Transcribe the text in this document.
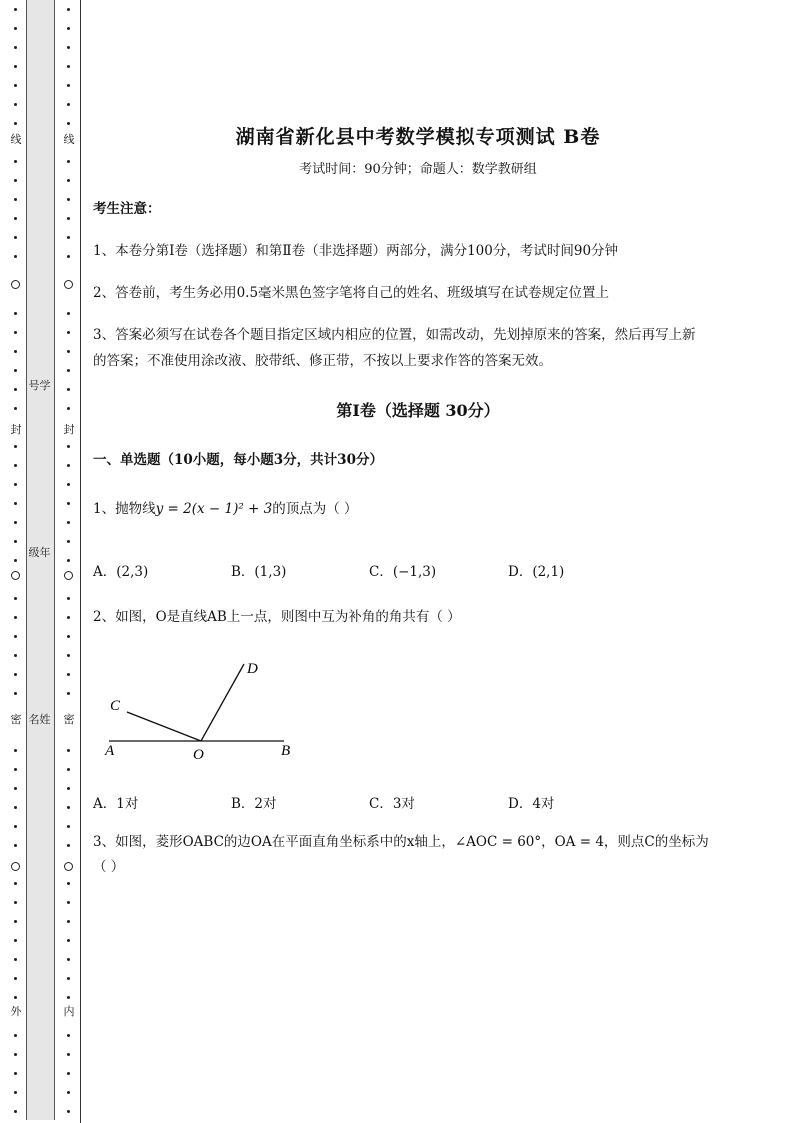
线
封
密
外
线
封
密
内
号学
级年
名姓
湖南省新化县中考数学模拟专项测试 B卷
考试时间：90分钟；命题人：数学教研组
考生注意：
1、本卷分第I卷（选择题）和第Ⅱ卷（非选择题）两部分，满分100分，考试时间90分钟
2、答卷前，考生务必用0.5毫米黑色签字笔将自己的姓名、班级填写在试卷规定位置上
3、答案必须写在试卷各个题目指定区域内相应的位置，如需改动，先划掉原来的答案，然后再写上新
的答案；不准使用涂改液、胶带纸、修正带，不按以上要求作答的答案无效。
第I卷（选择题 30分）
一、单选题（10小题，每小题3分，共计30分）
1、抛物线y = 2(x − 1)² + 3的顶点为（ ）
A．(2,3)	B．(1,3)	C．(−1,3)	D．(2,1)
2、如图，O是直线AB上一点，则图中互为补角的角共有（ ）
A	B
C
D
O
A．1对	B．2对	C．3对	D．4对
3、如图，菱形OABC的边OA在平面直角坐标系中的x轴上，∠AOC = 60°，OA = 4，则点C的坐标为
（ ）
